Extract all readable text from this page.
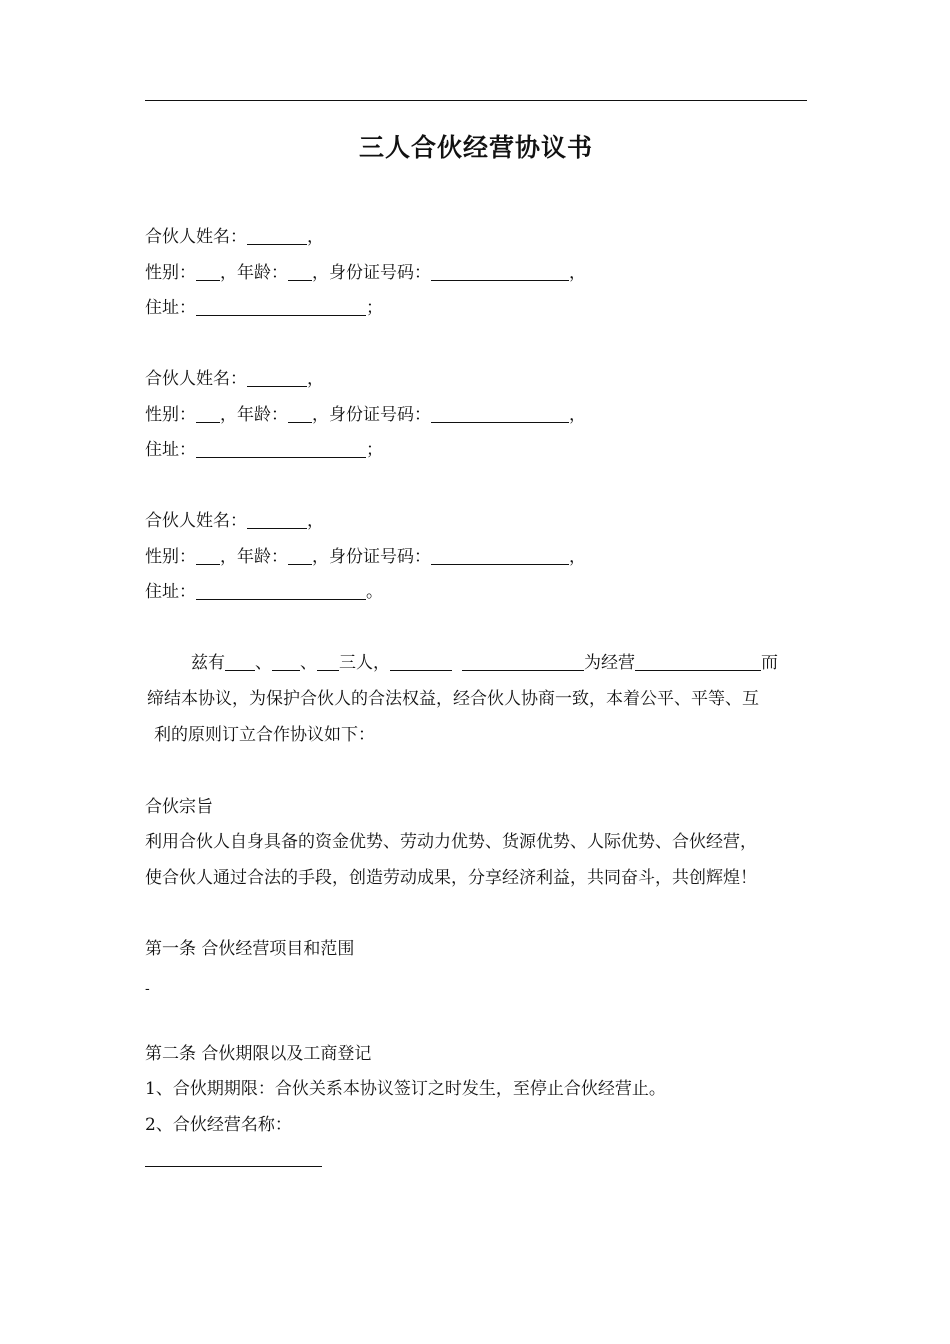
三人合伙经营协议书
合伙人姓名：	，
性别： ，年龄： ，身份证号码：	，
住址：	；
合伙人姓名：	，
性别： ，年龄： ，身份证号码：	，
住址：	；
合伙人姓名：	，
性别： ，年龄： ，身份证号码：	，
住址：	。
兹有 、 、 三人，	为经营	而
缔结本协议，为保护合伙人的合法权益，经合伙人协商一致，本着公平、平等、互
利的原则订立合作协议如下：
合伙宗旨
利用合伙人自身具备的资金优势、劳动力优势、货源优势、人际优势、合伙经营，
使合伙人通过合法的手段，创造劳动成果，分享经济利益，共同奋斗，共创辉煌！
第一条 合伙经营项目和范围
-
第二条 合伙期限以及工商登记
1、合伙期期限：合伙关系本协议签订之时发生，至停止合伙经营止。
2、合伙经营名称：
